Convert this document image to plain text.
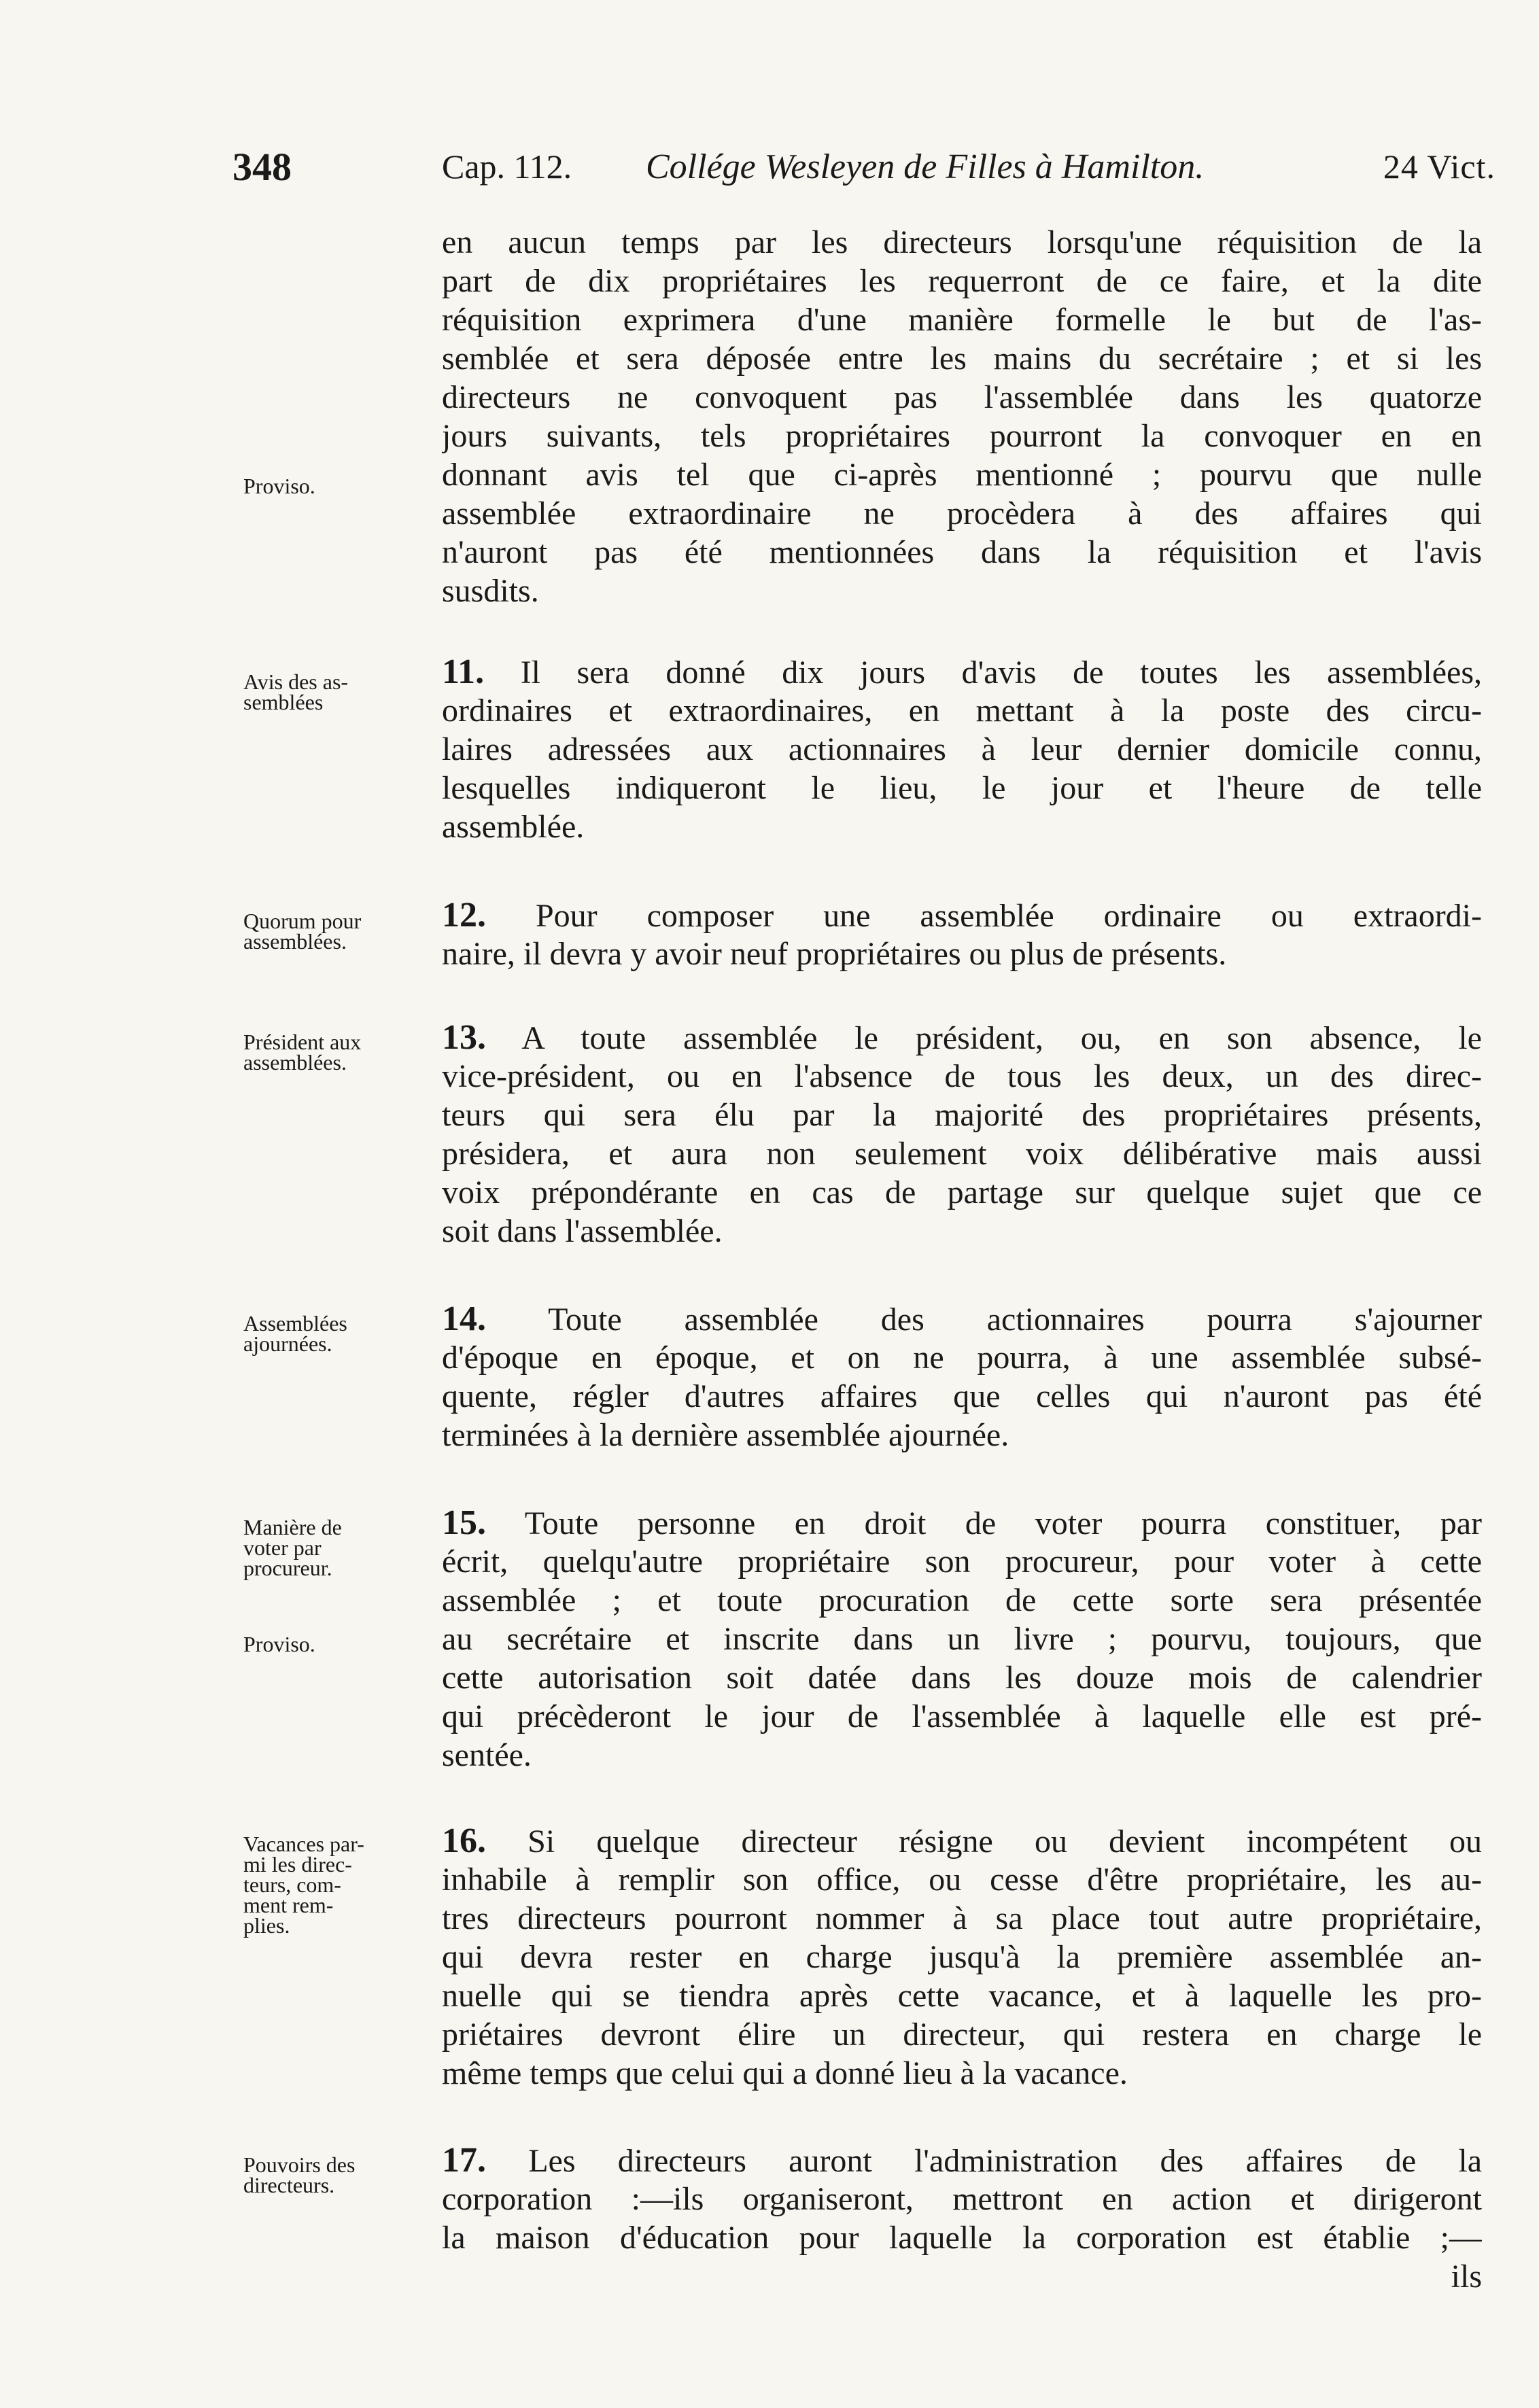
348	Cap. 112. Collége Wesleyen de Filles à Hamilton.	24 Vict.
en aucun temps par les directeurs lorsqu'une réquisition de la
part de dix propriétaires les requerront de ce faire, et la dite
réquisition exprimera d'une manière formelle le but de l'as-
semblée et sera déposée entre les mains du secrétaire ; et si les
directeurs ne convoquent pas l'assemblée dans les quatorze
jours suivants, tels propriétaires pourront la convoquer en en
donnant avis tel que ci-après mentionné ; pourvu que nulle
assemblée extraordinaire ne procèdera à des affaires qui
n'auront pas été mentionnées dans la réquisition et l'avis
susdits.
11. Il sera donné dix jours d'avis de toutes les assemblées,
ordinaires et extraordinaires, en mettant à la poste des circu-
laires adressées aux actionnaires à leur dernier domicile connu,
lesquelles indiqueront le lieu, le jour et l'heure de telle
assemblée.
12. Pour composer une assemblée ordinaire ou extraordi-
naire, il devra y avoir neuf propriétaires ou plus de présents.
13. A toute assemblée le président, ou, en son absence, le
vice-président, ou en l'absence de tous les deux, un des direc-
teurs qui sera élu par la majorité des propriétaires présents,
présidera, et aura non seulement voix délibérative mais aussi
voix prépondérante en cas de partage sur quelque sujet que ce
soit dans l'assemblée.
14. Toute assemblée des actionnaires pourra s'ajourner
d'époque en époque, et on ne pourra, à une assemblée subsé-
quente, régler d'autres affaires que celles qui n'auront pas été
terminées à la dernière assemblée ajournée.
15. Toute personne en droit de voter pourra constituer, par
écrit, quelqu'autre propriétaire son procureur, pour voter à cette
assemblée ; et toute procuration de cette sorte sera présentée
au secrétaire et inscrite dans un livre ; pourvu, toujours, que
cette autorisation soit datée dans les douze mois de calendrier
qui précèderont le jour de l'assemblée à laquelle elle est pré-
sentée.
16. Si quelque directeur résigne ou devient incompétent ou
inhabile à remplir son office, ou cesse d'être propriétaire, les au-
tres directeurs pourront nommer à sa place tout autre propriétaire,
qui devra rester en charge jusqu'à la première assemblée an-
nuelle qui se tiendra après cette vacance, et à laquelle les pro-
priétaires devront élire un directeur, qui restera en charge le
même temps que celui qui a donné lieu à la vacance.
17. Les directeurs auront l'administration des affaires de la
corporation :—ils organiseront, mettront en action et dirigeront
la maison d'éducation pour laquelle la corporation est établie ;—
ils
Proviso.
Avis des as-
semblées
Quorum pour
assemblées.
Président aux
assemblées.
Assemblées
ajournées.
Manière de
voter par
procureur.
Proviso.
Vacances par-
mi les direc-
teurs, com-
ment rem-
plies.
Pouvoirs des
directeurs.
